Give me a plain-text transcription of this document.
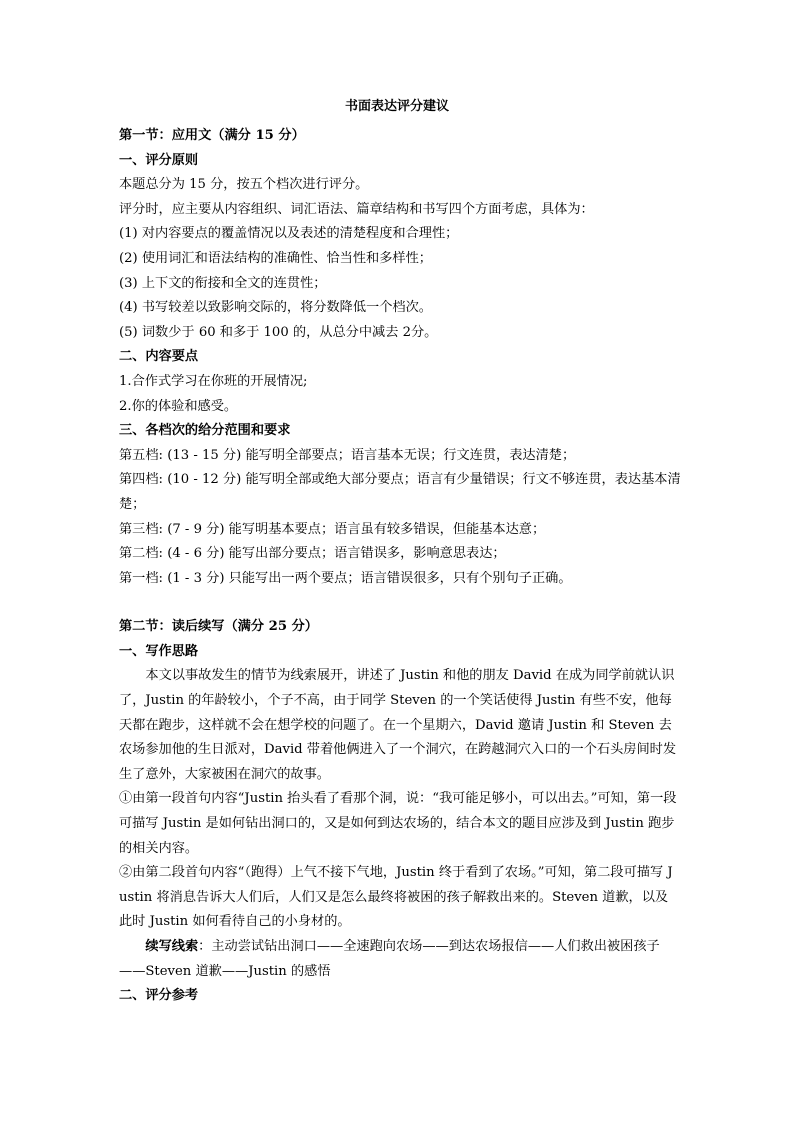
书面表达评分建议

第一节：应用文（满分 15 分）

一、评分原则

本题总分为 15 分，按五个档次进行评分。

评分时，应主要从内容组织、词汇语法、篇章结构和书写四个方面考虑，具体为：

(1) 对内容要点的覆盖情况以及表述的清楚程度和合理性；

(2) 使用词汇和语法结构的准确性、恰当性和多样性；

(3) 上下文的衔接和全文的连贯性；

(4) 书写较差以致影响交际的，将分数降低一个档次。

(5) 词数少于 60 和多于 100 的，从总分中减去 2分。

二、内容要点

1.合作式学习在你班的开展情况;

2.你的体验和感受。

三、各档次的给分范围和要求

第五档: (13 - 15 分) 能写明全部要点；语言基本无误；行文连贯，表达清楚；

第四档: (10 - 12 分) 能写明全部或绝大部分要点；语言有少量错误；行文不够连贯，表达基本清楚；

第三档: (7 - 9 分) 能写明基本要点；语言虽有较多错误，但能基本达意；

第二档: (4 - 6 分) 能写出部分要点；语言错误多，影响意思表达；

第一档: (1 - 3 分) 只能写出一两个要点；语言错误很多，只有个别句子正确。

第二节：读后续写（满分 25 分）

一、写作思路

本文以事故发生的情节为线索展开，讲述了 Justin 和他的朋友 David 在成为同学前就认识了，Justin 的年龄较小，个子不高，由于同学 Steven 的一个笑话使得 Justin 有些不安，他每天都在跑步，这样就不会在想学校的问题了。在一个星期六，David 邀请 Justin 和 Steven 去农场参加他的生日派对，David 带着他俩进入了一个洞穴，在跨越洞穴入口的一个石头房间时发生了意外，大家被困在洞穴的故事。

①由第一段首句内容“Justin 抬头看了看那个洞，说：“我可能足够小，可以出去。”可知，第一段可描写 Justin 是如何钻出洞口的，又是如何到达农场的，结合本文的题目应涉及到 Justin 跑步的相关内容。

②由第二段首句内容“（跑得）上气不接下气地，Justin 终于看到了农场。”可知，第二段可描写 Justin 将消息告诉大人们后，人们又是怎么最终将被困的孩子解救出来的。Steven 道歉，以及此时 Justin 如何看待自己的小身材的。

续写线索：主动尝试钻出洞口——全速跑向农场——到达农场报信——人们救出被困孩子——Steven 道歉——Justin 的感悟

二、评分参考
